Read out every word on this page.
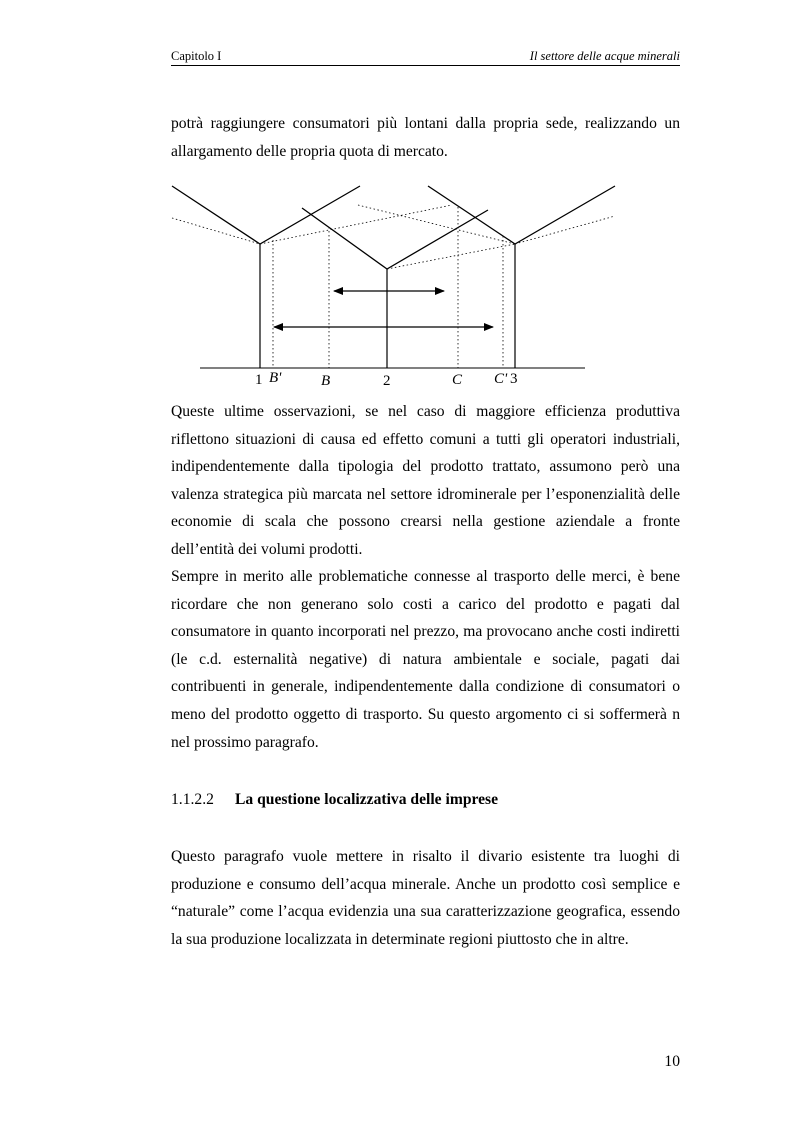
Capitolo I	Il settore delle acque minerali

potrà raggiungere consumatori più lontani dalla propria sede, realizzando un allargamento delle propria quota di mercato.

1 B'	B	2	C C' 3

Queste ultime osservazioni, se nel caso di maggiore efficienza produttiva riflettono situazioni di causa ed effetto comuni a tutti gli operatori industriali, indipendentemente dalla tipologia del prodotto trattato, assumono però una valenza strategica più marcata nel settore idrominerale per l’esponenzialità delle economie di scala che possono crearsi nella gestione aziendale a fronte dell’entità dei volumi prodotti.

Sempre in merito alle problematiche connesse al trasporto delle merci, è bene ricordare che non generano solo costi a carico del prodotto e pagati dal consumatore in quanto incorporati nel prezzo, ma provocano anche costi indiretti (le c.d. esternalità negative) di natura ambientale e sociale, pagati dai contribuenti in generale, indipendentemente dalla condizione di consumatori o meno del prodotto oggetto di trasporto. Su questo argomento ci si soffermerà n nel prossimo paragrafo.

1.1.2.2 La questione localizzativa delle imprese

Questo paragrafo vuole mettere in risalto il divario esistente tra luoghi di produzione e consumo dell’acqua minerale. Anche un prodotto così semplice e “naturale” come l’acqua evidenzia una sua caratterizzazione geografica, essendo la sua produzione localizzata in determinate regioni piuttosto che in altre.

10
